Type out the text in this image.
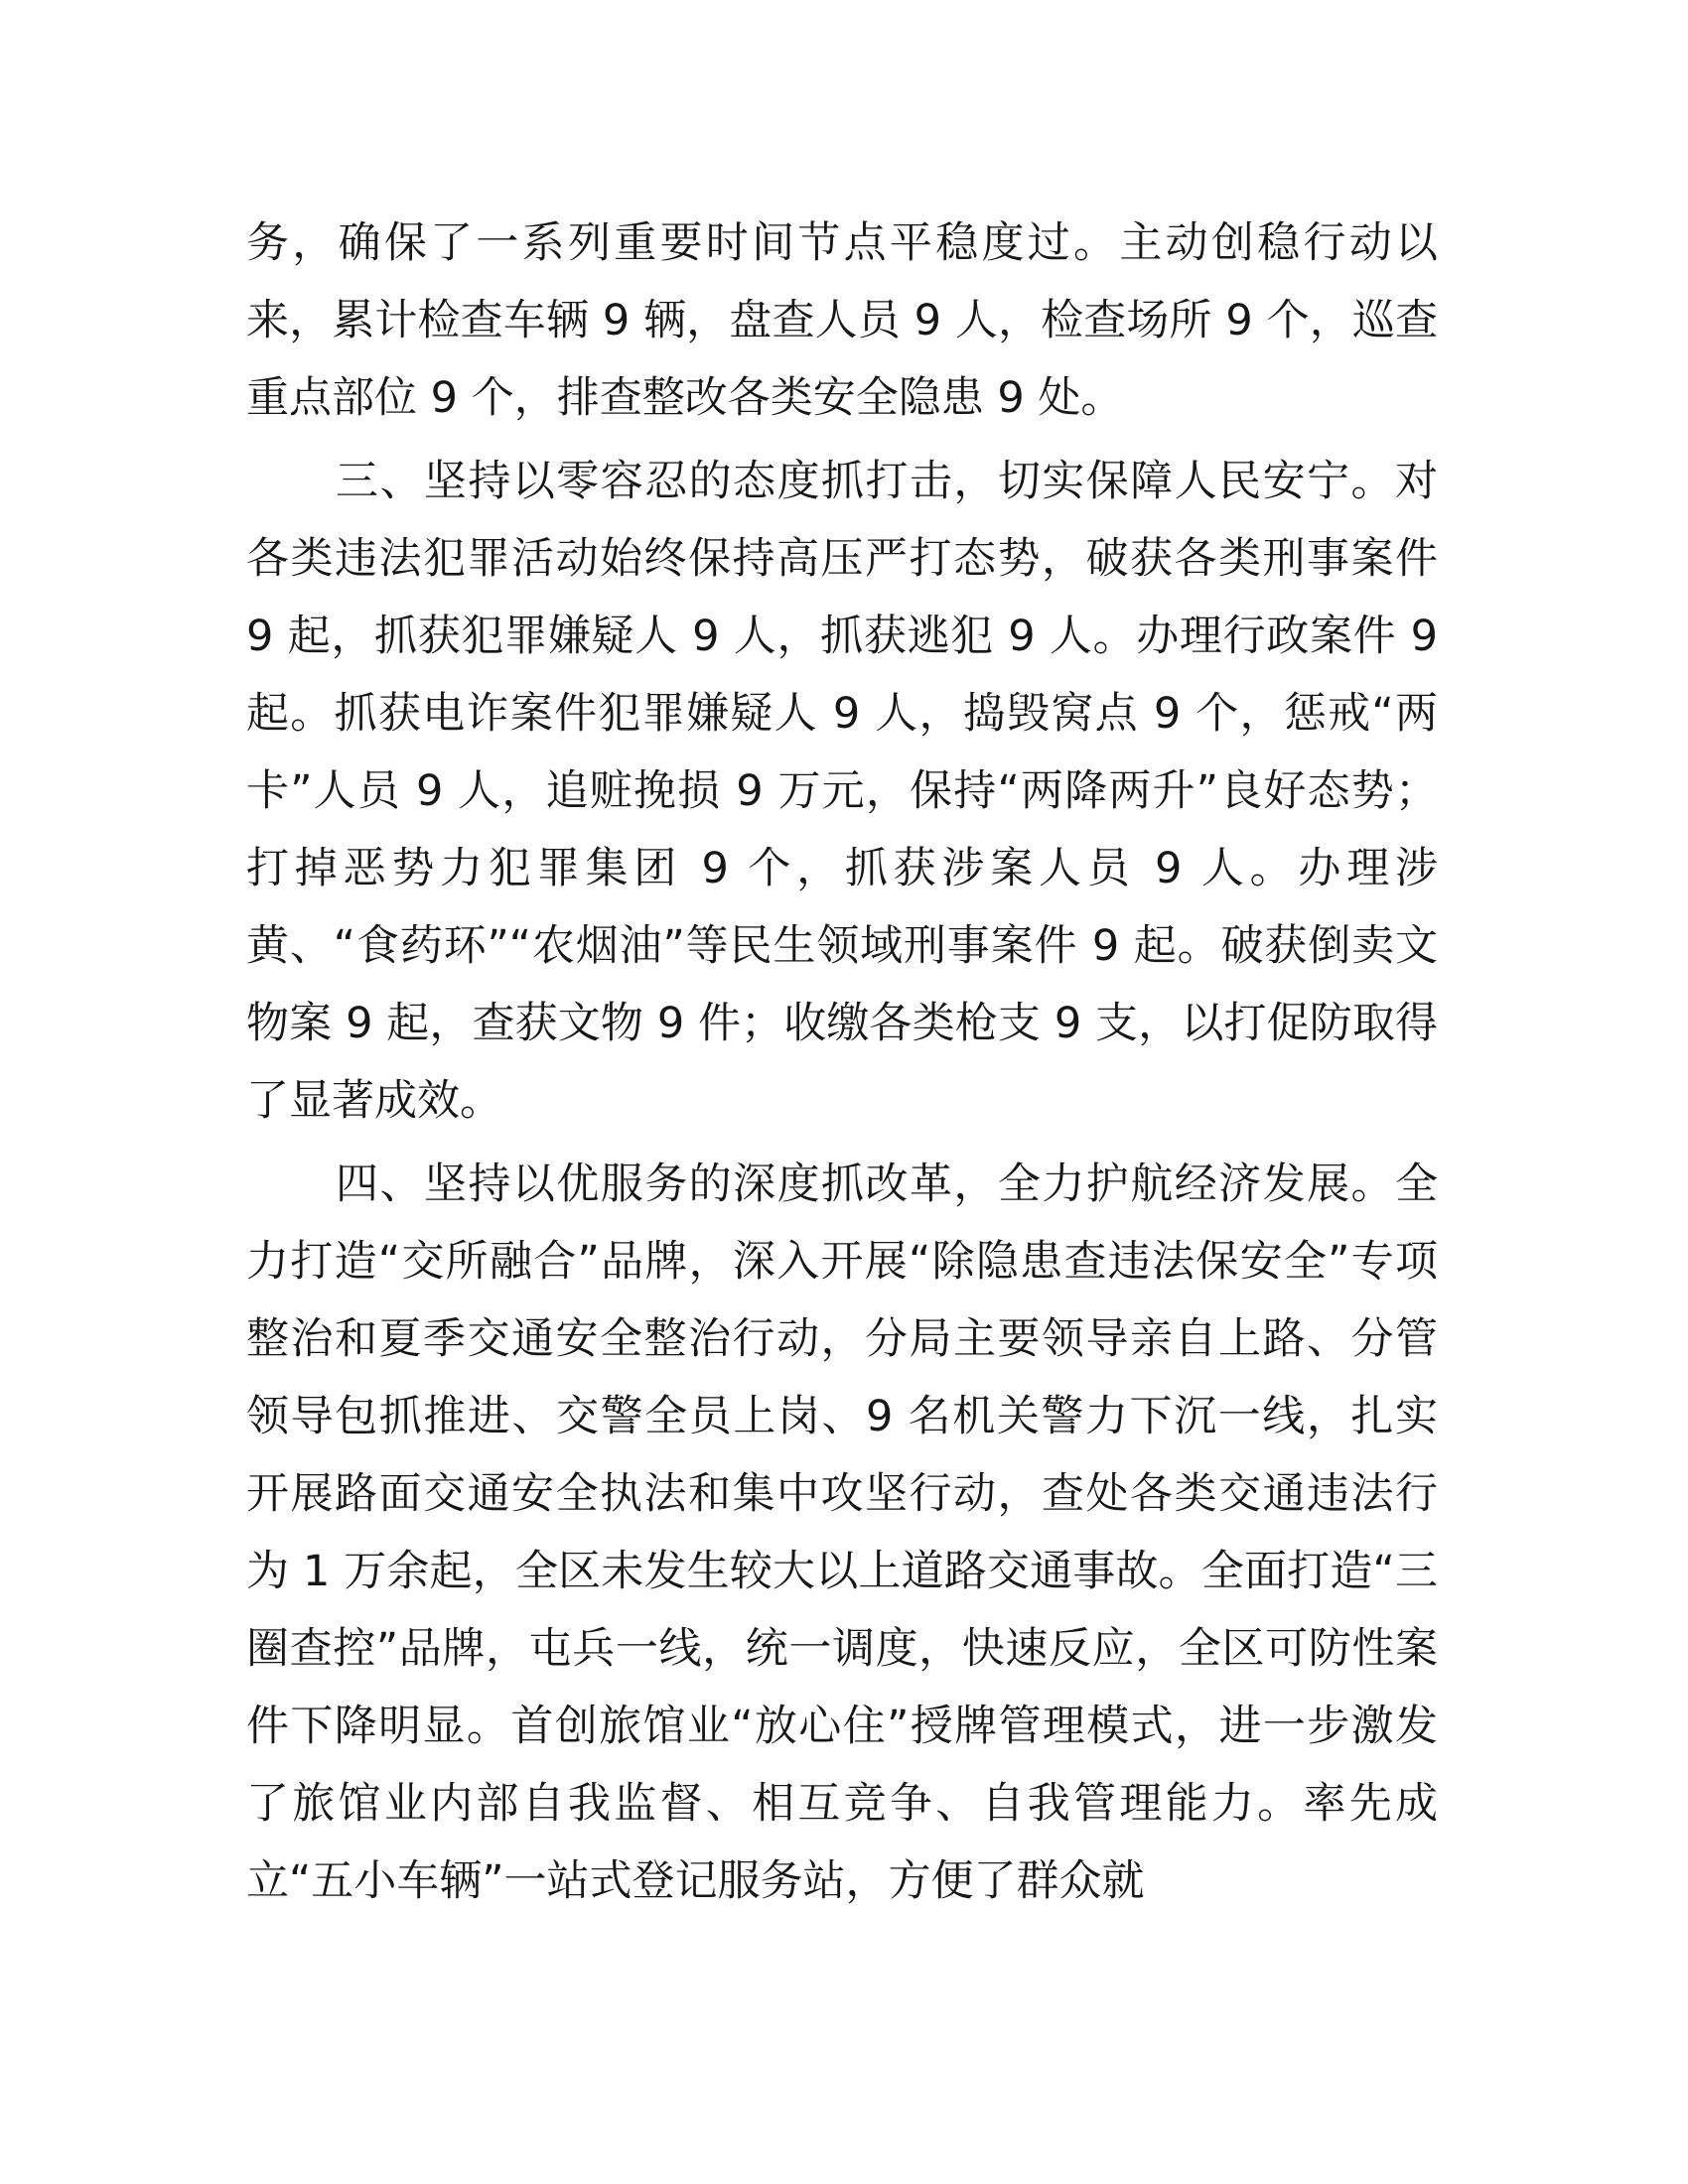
务，确保了一系列重要时间节点平稳度过。主动创稳行动以来，累计检查车辆 9 辆，盘查人员 9 人，检查场所 9 个，巡查重点部位 9 个，排查整改各类安全隐患 9 处。

三、坚持以零容忍的态度抓打击，切实保障人民安宁。对各类违法犯罪活动始终保持高压严打态势，破获各类刑事案件 9 起，抓获犯罪嫌疑人 9 人，抓获逃犯 9 人。办理行政案件 9 起。抓获电诈案件犯罪嫌疑人 9 人，捣毁窝点 9 个，惩戒“两卡”人员 9 人，追赃挽损 9 万元，保持“两降两升”良好态势；打掉恶势力犯罪集团 9 个，抓获涉案人员 9 人。办理涉黄、“食药环”“农烟油”等民生领域刑事案件 9 起。破获倒卖文物案 9 起，查获文物 9 件；收缴各类枪支 9 支，以打促防取得了显著成效。

四、坚持以优服务的深度抓改革，全力护航经济发展。全力打造“交所融合”品牌，深入开展“除隐患查违法保安全”专项整治和夏季交通安全整治行动，分局主要领导亲自上路、分管领导包抓推进、交警全员上岗、9 名机关警力下沉一线，扎实开展路面交通安全执法和集中攻坚行动，查处各类交通违法行为 1 万余起，全区未发生较大以上道路交通事故。全面打造“三圈查控”品牌，屯兵一线，统一调度，快速反应，全区可防性案件下降明显。首创旅馆业“放心住”授牌管理模式，进一步激发了旅馆业内部自我监督、相互竞争、自我管理能力。率先成立“五小车辆”一站式登记服务站，方便了群众就
